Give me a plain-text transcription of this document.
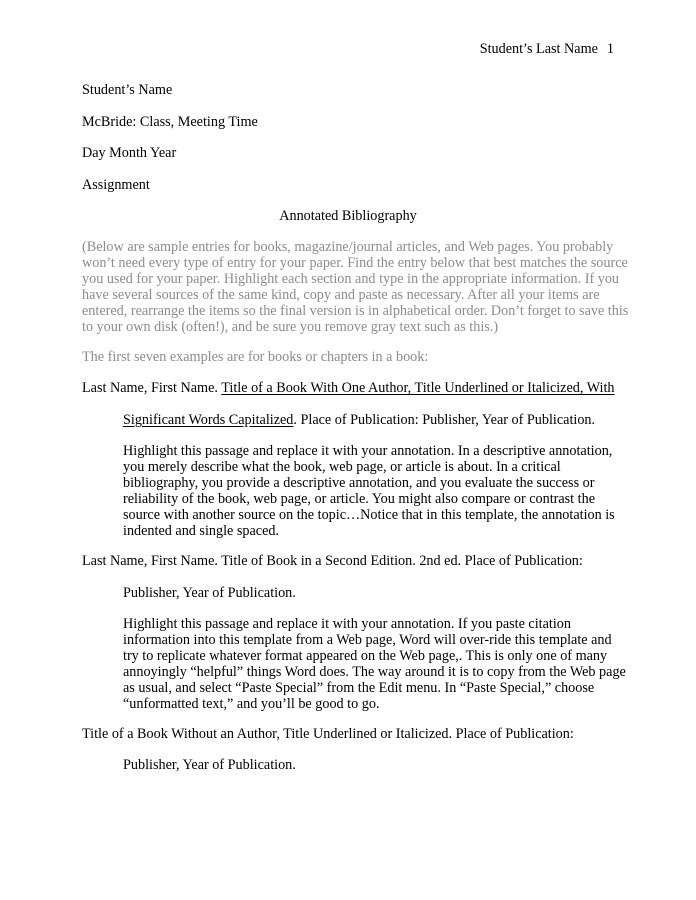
Student’s Last Name 1
Student’s Name
McBride: Class, Meeting Time
Day Month Year
Assignment
Annotated Bibliography
(Below are sample entries for books, magazine/journal articles, and Web pages. You probably
won’t need every type of entry for your paper. Find the entry below that best matches the source
you used for your paper. Highlight each section and type in the appropriate information. If you
have several sources of the same kind, copy and paste as necessary. After all your items are
entered, rearrange the items so the final version is in alphabetical order. Don’t forget to save this
to your own disk (often!), and be sure you remove gray text such as this.)
The first seven examples are for books or chapters in a book:
Last Name, First Name. Title of a Book With One Author, Title Underlined or Italicized, With
Significant Words Capitalized. Place of Publication: Publisher, Year of Publication.
Highlight this passage and replace it with your annotation. In a descriptive annotation,
you merely describe what the book, web page, or article is about. In a critical
bibliography, you provide a descriptive annotation, and you evaluate the success or
reliability of the book, web page, or article. You might also compare or contrast the
source with another source on the topic…Notice that in this template, the annotation is
indented and single spaced.
Last Name, First Name. Title of Book in a Second Edition. 2nd ed. Place of Publication:
Publisher, Year of Publication.
Highlight this passage and replace it with your annotation. If you paste citation
information into this template from a Web page, Word will over-ride this template and
try to replicate whatever format appeared on the Web page,. This is only one of many
annoyingly “helpful” things Word does. The way around it is to copy from the Web page
as usual, and select “Paste Special” from the Edit menu. In “Paste Special,” choose
“unformatted text,” and you’ll be good to go.
Title of a Book Without an Author, Title Underlined or Italicized. Place of Publication:
Publisher, Year of Publication.
